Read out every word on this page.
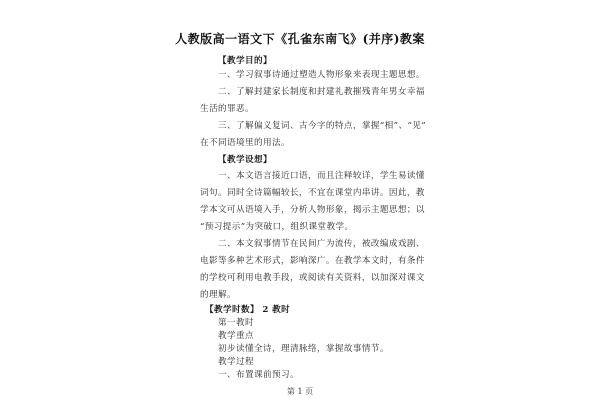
人教版高一语文下《孔雀东南飞》(并序)教案
【教学目的】
一、学习叙事诗通过塑造人物形象来表现主题思想。
二、了解封建家长制度和封建礼教摧残青年男女幸福
生活的罪恶。
三、了解偏义复词、古今字的特点，掌握“相”、“见”
在不同语境里的用法。
【教学设想】
一、本文语言接近口语，而且注释较详，学生易读懂
词句。同时全诗篇幅较长，不宜在课堂内串讲。因此，教
学本文可从语境入手，分析人物形象，揭示主题思想；以
“预习提示”为突破口，组织课堂教学。
二、本文叙事情节在民间广为流传，被改编成戏剧、
电影等多种艺术形式，影响深广。在教学本文时，有条件
的学校可利用电教手段，或阅读有关资料，以加深对课文
的理解。
【教学时数】 2 教时
第一教时
教学重点
初步读懂全诗，理清脉络，掌握故事情节。
第 1 页
教学过程
一、布置课前预习。
